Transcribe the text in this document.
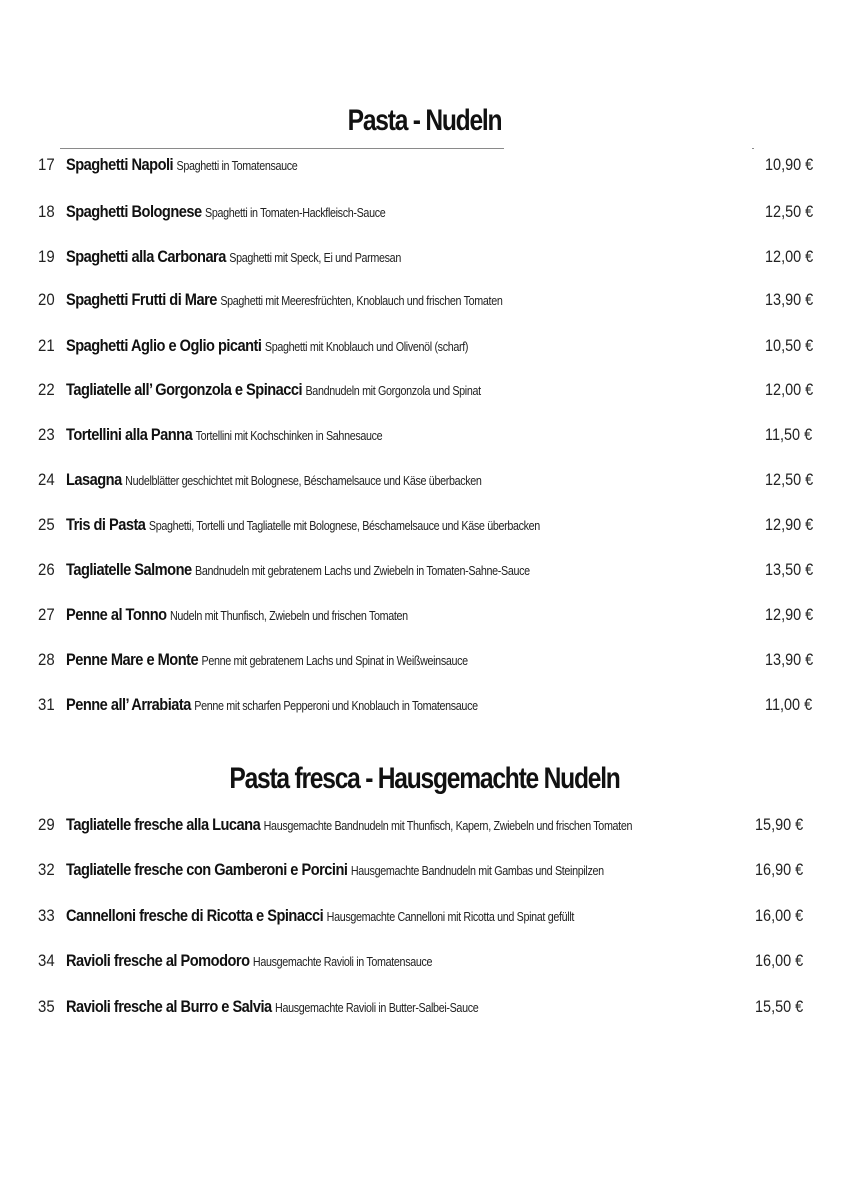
Pasta - Nudeln
17 Spaghetti Napoli Spaghetti in Tomatensauce	10,90 €
18 Spaghetti Bolognese Spaghetti in Tomaten-Hackfleisch-Sauce	12,50 €
19 Spaghetti alla Carbonara Spaghetti mit Speck, Ei und Parmesan	12,00 €
20 Spaghetti Frutti di Mare Spaghetti mit Meeresfrüchten, Knoblauch und frischen Tomaten	13,90 €
21 Spaghetti Aglio e Oglio picanti Spaghetti mit Knoblauch und Olivenöl (scharf)	10,50 €
22 Tagliatelle all’ Gorgonzola e Spinacci Bandnudeln mit Gorgonzola und Spinat	12,00 €
23 Tortellini alla Panna Tortellini mit Kochschinken in Sahnesauce	11,50 €
24 Lasagna Nudelblätter geschichtet mit Bolognese, Béschamelsauce und Käse überbacken	12,50 €
25 Tris di Pasta Spaghetti, Tortelli und Tagliatelle mit Bolognese, Béschamelsauce und Käse überbacken	12,90 €
26 Tagliatelle Salmone Bandnudeln mit gebratenem Lachs und Zwiebeln in Tomaten-Sahne-Sauce	13,50 €
27 Penne al Tonno Nudeln mit Thunfisch, Zwiebeln und frischen Tomaten	12,90 €
28 Penne Mare e Monte Penne mit gebratenem Lachs und Spinat in Weißweinsauce	13,90 €
31 Penne all’ Arrabiata Penne mit scharfen Pepperoni und Knoblauch in Tomatensauce	11,00 €
Pasta fresca - Hausgemachte Nudeln
29 Tagliatelle fresche alla Lucana Hausgemachte Bandnudeln mit Thunfisch, Kapern, Zwiebeln und frischen Tomaten	15,90 €
32 Tagliatelle fresche con Gamberoni e Porcini Hausgemachte Bandnudeln mit Gambas und Steinpilzen	16,90 €
33 Cannelloni fresche di Ricotta e Spinacci Hausgemachte Cannelloni mit Ricotta und Spinat gefüllt	16,00 €
34 Ravioli fresche al Pomodoro Hausgemachte Ravioli in Tomatensauce	16,00 €
35 Ravioli fresche al Burro e Salvia Hausgemachte Ravioli in Butter-Salbei-Sauce	15,50 €
